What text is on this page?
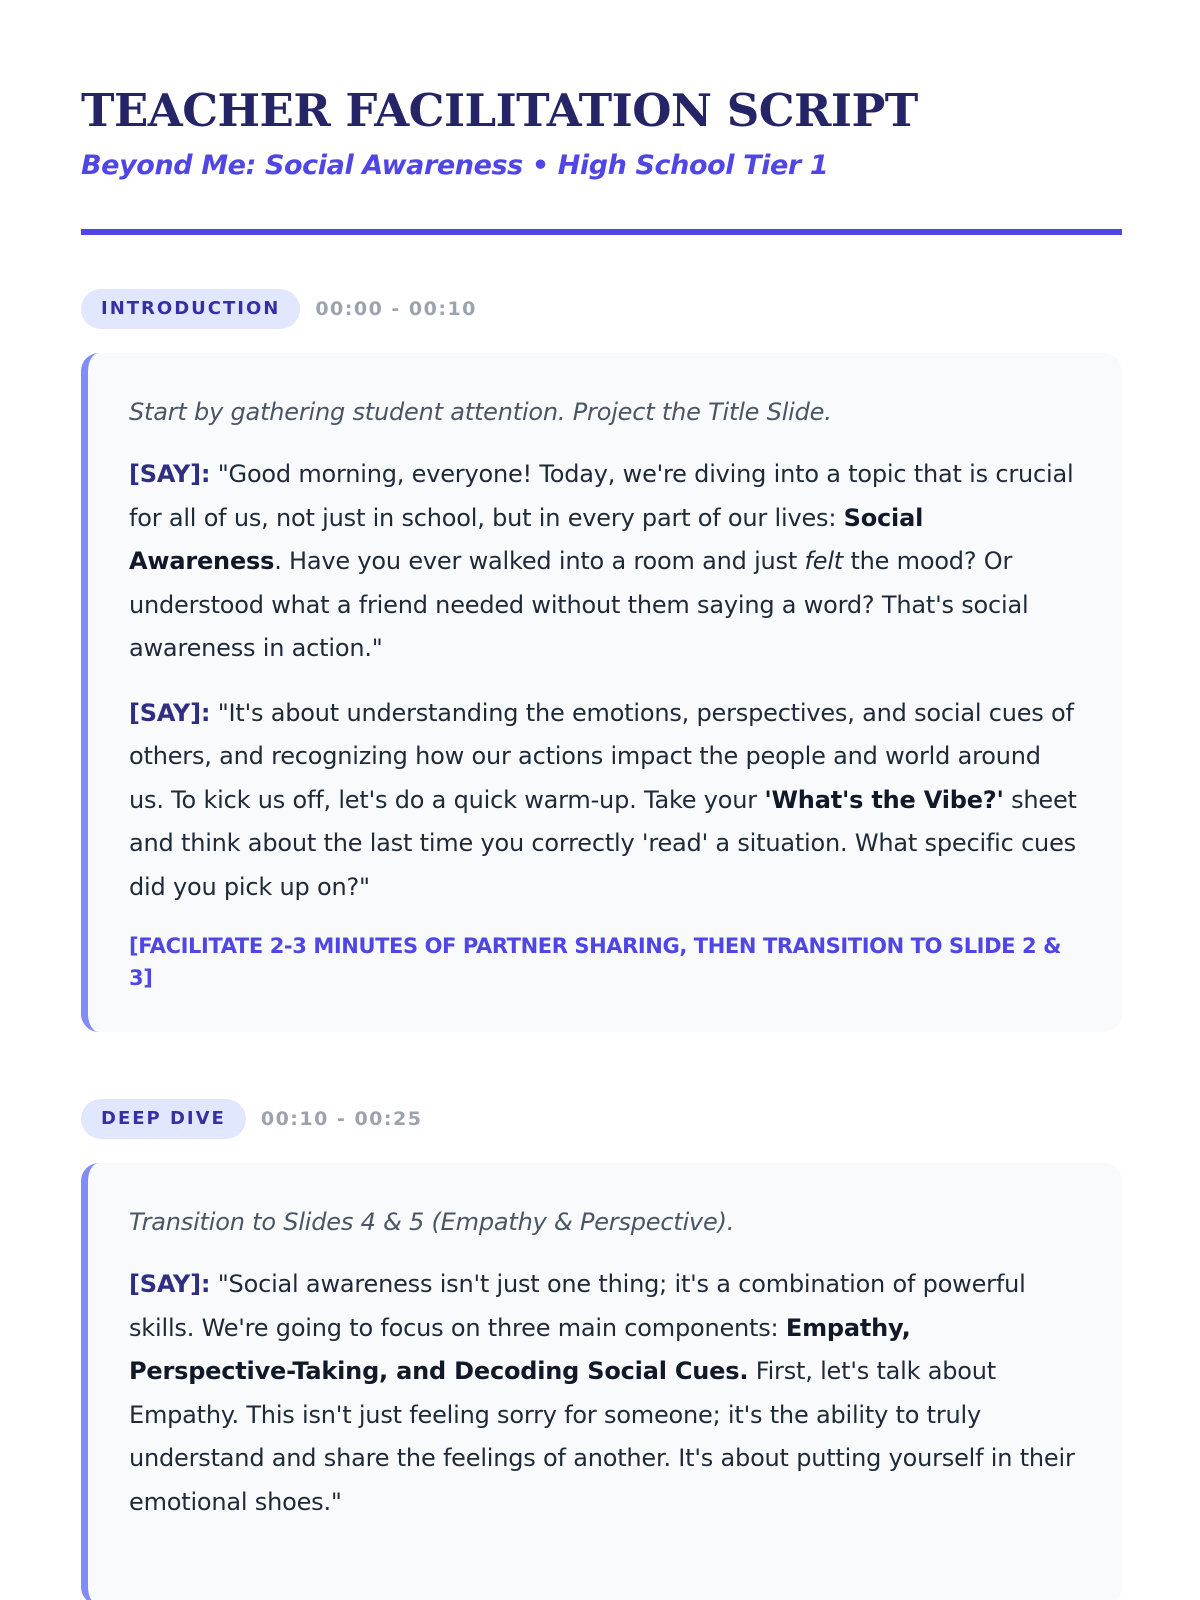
TEACHER FACILITATION SCRIPT
Beyond Me: Social Awareness • High School Tier 1
INTRODUCTION	00:00 - 00:10

Start by gathering student attention. Project the Title Slide.

[SAY]: "Good morning, everyone! Today, we're diving into a topic that is crucial for all of us, not just in school, but in every part of our lives: Social Awareness. Have you ever walked into a room and just felt the mood? Or understood what a friend needed without them saying a word? That's social awareness in action."

[SAY]: "It's about understanding the emotions, perspectives, and social cues of others, and recognizing how our actions impact the people and world around us. To kick us off, let's do a quick warm-up. Take your 'What's the Vibe?' sheet and think about the last time you correctly 'read' a situation. What specific cues did you pick up on?"

[FACILITATE 2-3 MINUTES OF PARTNER SHARING, THEN TRANSITION TO SLIDE 2 & 3]

DEEP DIVE	00:10 - 00:25

Transition to Slides 4 & 5 (Empathy & Perspective).

[SAY]: "Social awareness isn't just one thing; it's a combination of powerful skills. We're going to focus on three main components: Empathy, Perspective-Taking, and Decoding Social Cues. First, let's talk about Empathy. This isn't just feeling sorry for someone; it's the ability to truly understand and share the feelings of another. It's about putting yourself in their emotional shoes."
